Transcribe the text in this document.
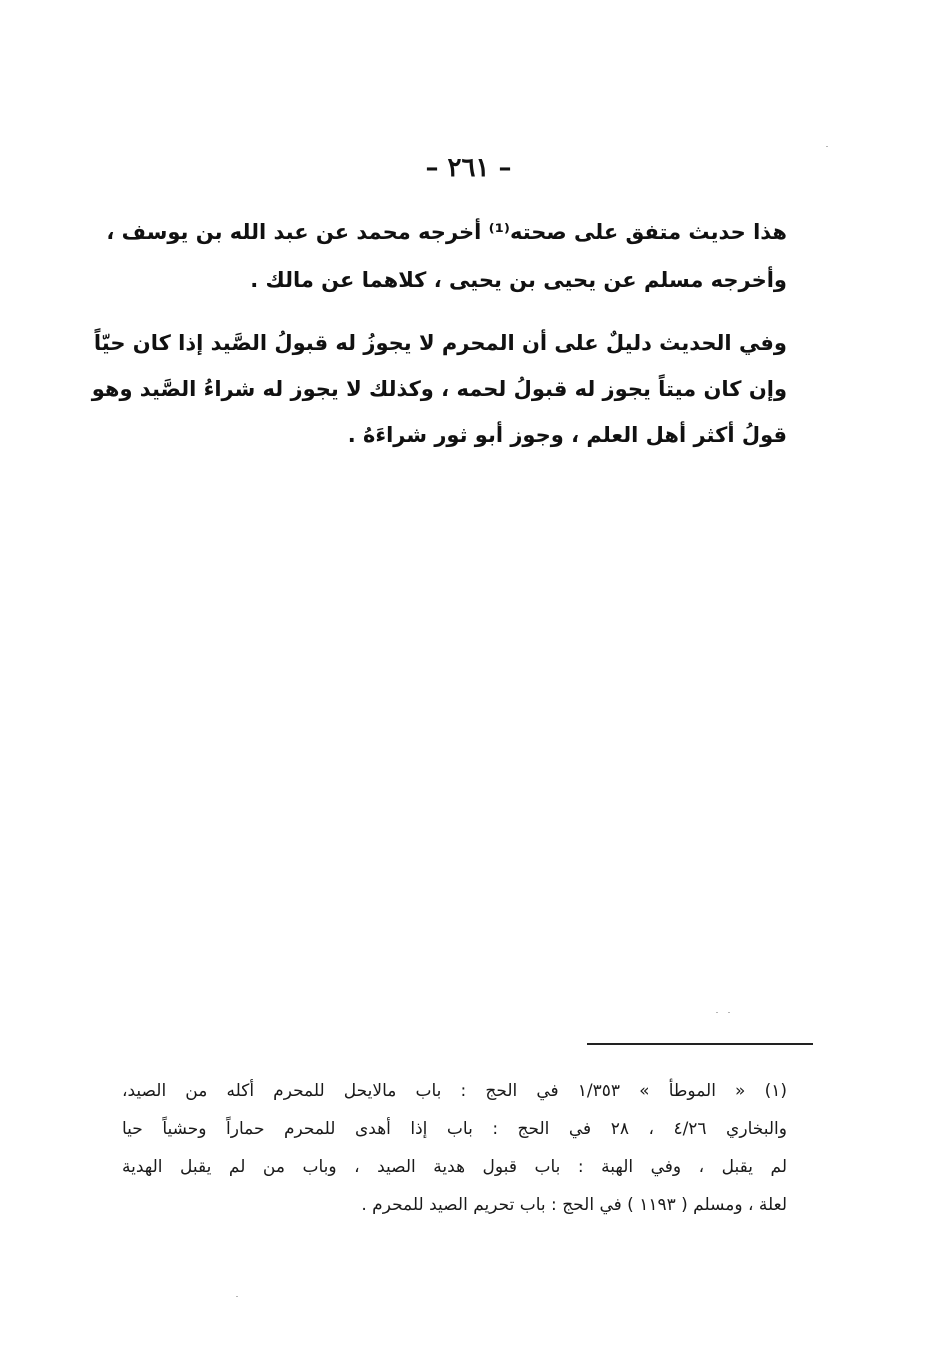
– ٢٦١ –
هذا حديث متفق على صحته⁽¹⁾ أخرجه محمد عن عبد الله بن يوسف ،
وأخرجه مسلم عن يحيى بن يحيى ، كلاهما عن مالك .
وفي الحديث دليلٌ على أن المحرم لا يجوزُ له قبولُ الصَّيد إذا كان حيّاً
وإن كان ميتاً يجوز له قبولُ لحمه ، وكذلك لا يجوز له شراءُ الصَّيد وهو
قولُ أكثر أهل العلم ، وجوز أبو ثور شراءَهُ .
(١) « الموطأ » ١/٣٥٣ في الحج : باب مالايحل للمحرم أكله من الصيد،
والبخاري ٤/٢٦ ، ٢٨ في الحج : باب إذا أهدى للمحرم حماراً وحشياً حيا
لم يقبل ، وفي الهبة : باب قبول هدية الصيد ، وباب من لم يقبل الهدية
لعلة ، ومسلم ( ١١٩٣ ) في الحج : باب تحريم الصيد للمحرم .
